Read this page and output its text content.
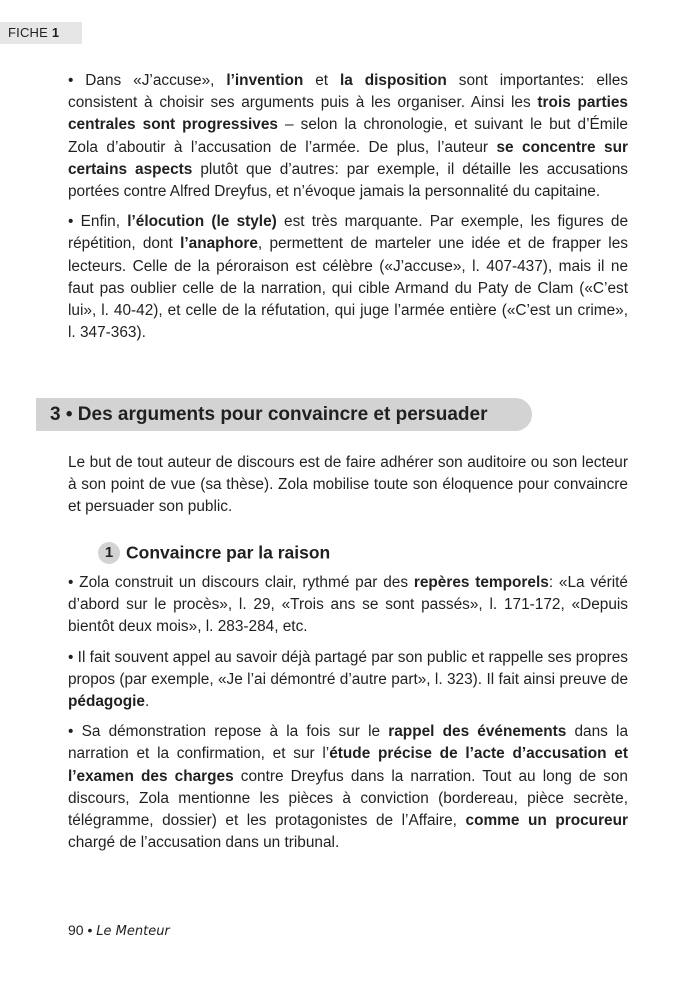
FICHE 1

• Dans «J’accuse», l’invention et la disposition sont importantes: elles consistent à choisir ses arguments puis à les organiser. Ainsi les trois parties centrales sont progressives – selon la chronologie, et suivant le but d’Émile Zola d’aboutir à l’accusation de l’armée. De plus, l’auteur se concentre sur certains aspects plutôt que d’autres: par exemple, il détaille les accusations portées contre Alfred Dreyfus, et n’évoque jamais la personnalité du capitaine.

• Enfin, l’élocution (le style) est très marquante. Par exemple, les figures de répétition, dont l’anaphore, permettent de marteler une idée et de frapper les lecteurs. Celle de la péroraison est célèbre («J’accuse», l. 407-437), mais il ne faut pas oublier celle de la narration, qui cible Armand du Paty de Clam («C’est lui», l. 40-42), et celle de la réfutation, qui juge l’armée entière («C’est un crime», l. 347-363).

3 • Des arguments pour convaincre et persuader

Le but de tout auteur de discours est de faire adhérer son auditoire ou son lecteur à son point de vue (sa thèse). Zola mobilise toute son éloquence pour convaincre et persuader son public.

1 Convaincre par la raison

• Zola construit un discours clair, rythmé par des repères temporels: «La vérité d’abord sur le procès», l. 29, «Trois ans se sont passés», l. 171-172, «Depuis bientôt deux mois», l. 283-284, etc.

• Il fait souvent appel au savoir déjà partagé par son public et rappelle ses propres propos (par exemple, «Je l’ai démontré d’autre part», l. 323). Il fait ainsi preuve de pédagogie.

• Sa démonstration repose à la fois sur le rappel des événements dans la narration et la confirmation, et sur l’étude précise de l’acte d’accusation et l’examen des charges contre Dreyfus dans la narration. Tout au long de son discours, Zola mentionne les pièces à conviction (bordereau, pièce secrète, télégramme, dossier) et les protagonistes de l’Affaire, comme un procureur chargé de l’accusation dans un tribunal.

90 • Le Menteur
